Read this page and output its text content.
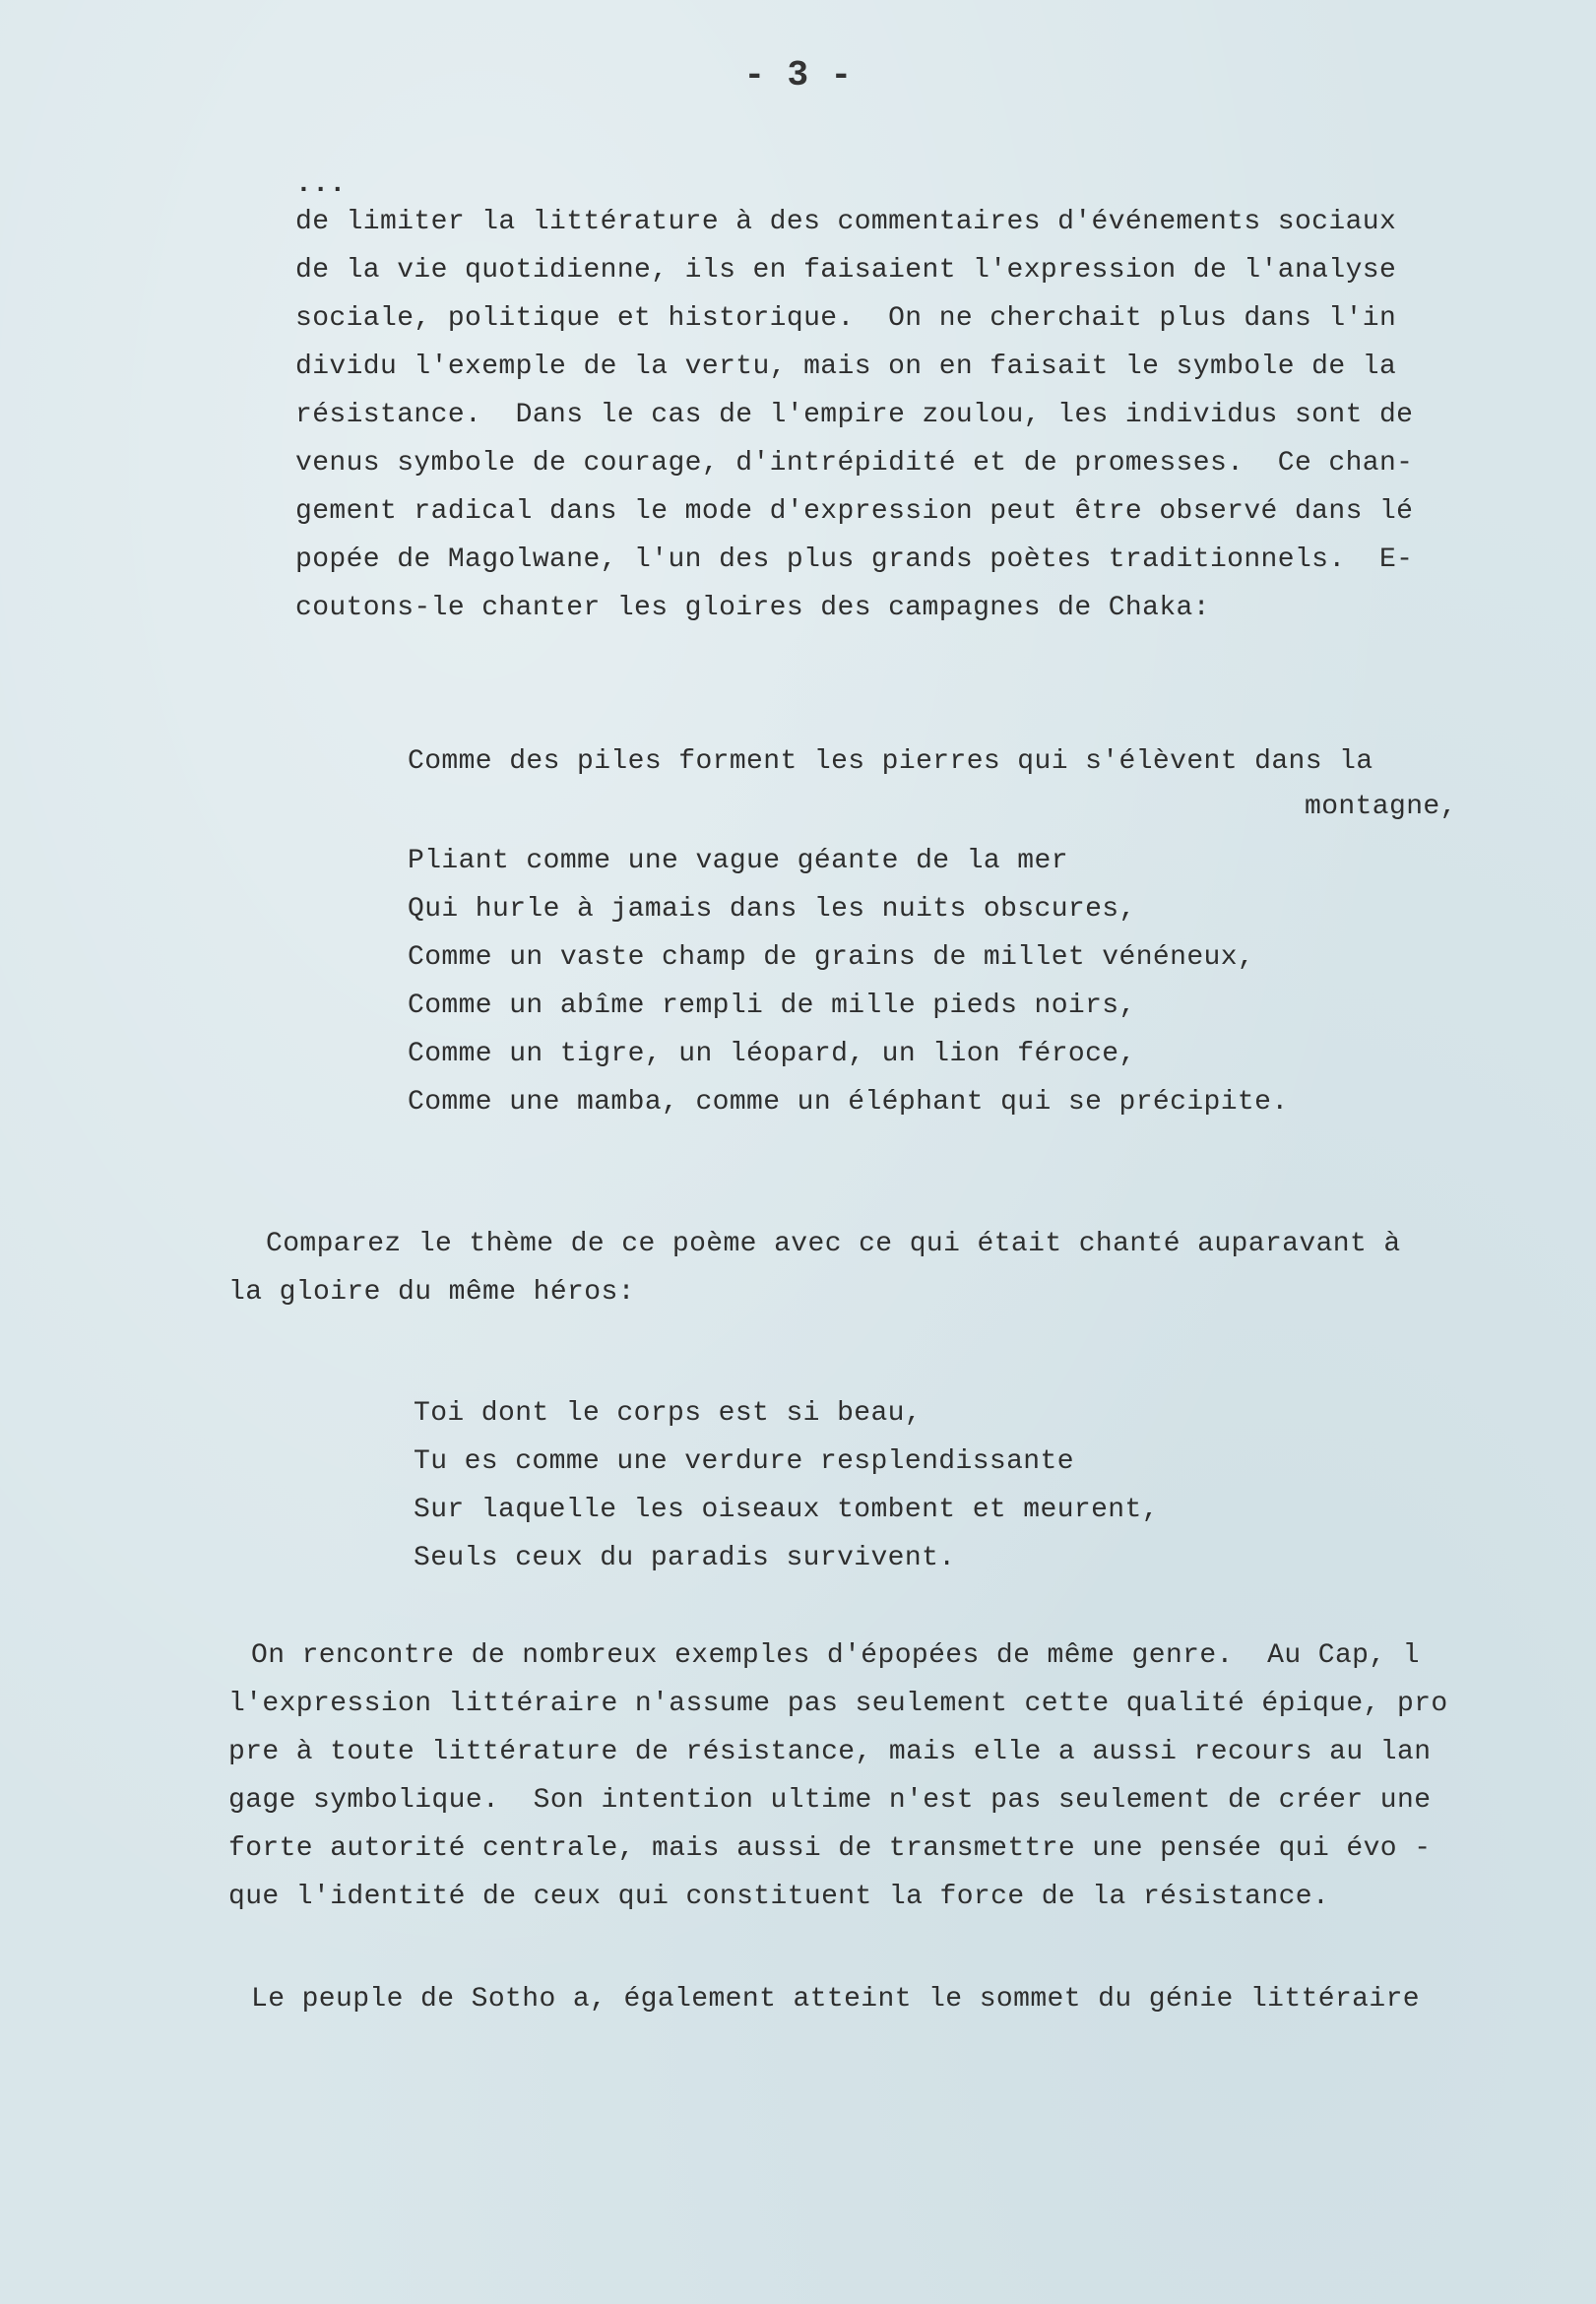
- 3 -
...
de limiter la littérature à des commentaires d'événements sociaux
de la vie quotidienne, ils en faisaient l'expression de l'analyse
sociale, politique et historique.  On ne cherchait plus dans l'in
dividu l'exemple de la vertu, mais on en faisait le symbole de la
résistance.  Dans le cas de l'empire zoulou, les individus sont de
venus symbole de courage, d'intrépidité et de promesses.  Ce chan-
gement radical dans le mode d'expression peut être observé dans lé
popée de Magolwane, l'un des plus grands poètes traditionnels.  E-
coutons-le chanter les gloires des campagnes de Chaka:
Comme des piles forment les pierres qui s'élèvent dans la
montagne,
Pliant comme une vague géante de la mer
Qui hurle à jamais dans les nuits obscures,
Comme un vaste champ de grains de millet vénéneux,
Comme un abîme rempli de mille pieds noirs,
Comme un tigre, un léopard, un lion féroce,
Comme une mamba, comme un éléphant qui se précipite.
Comparez le thème de ce poème avec ce qui était chanté auparavant à
la gloire du même héros:
Toi dont le corps est si beau,
Tu es comme une verdure resplendissante
Sur laquelle les oiseaux tombent et meurent,
Seuls ceux du paradis survivent.
On rencontre de nombreux exemples d'épopées de même genre.  Au Cap, l
l'expression littéraire n'assume pas seulement cette qualité épique, pro
pre à toute littérature de résistance, mais elle a aussi recours au lan
gage symbolique.  Son intention ultime n'est pas seulement de créer une
forte autorité centrale, mais aussi de transmettre une pensée qui évo -
que l'identité de ceux qui constituent la force de la résistance.
Le peuple de Sotho a, également atteint le sommet du génie littéraire
